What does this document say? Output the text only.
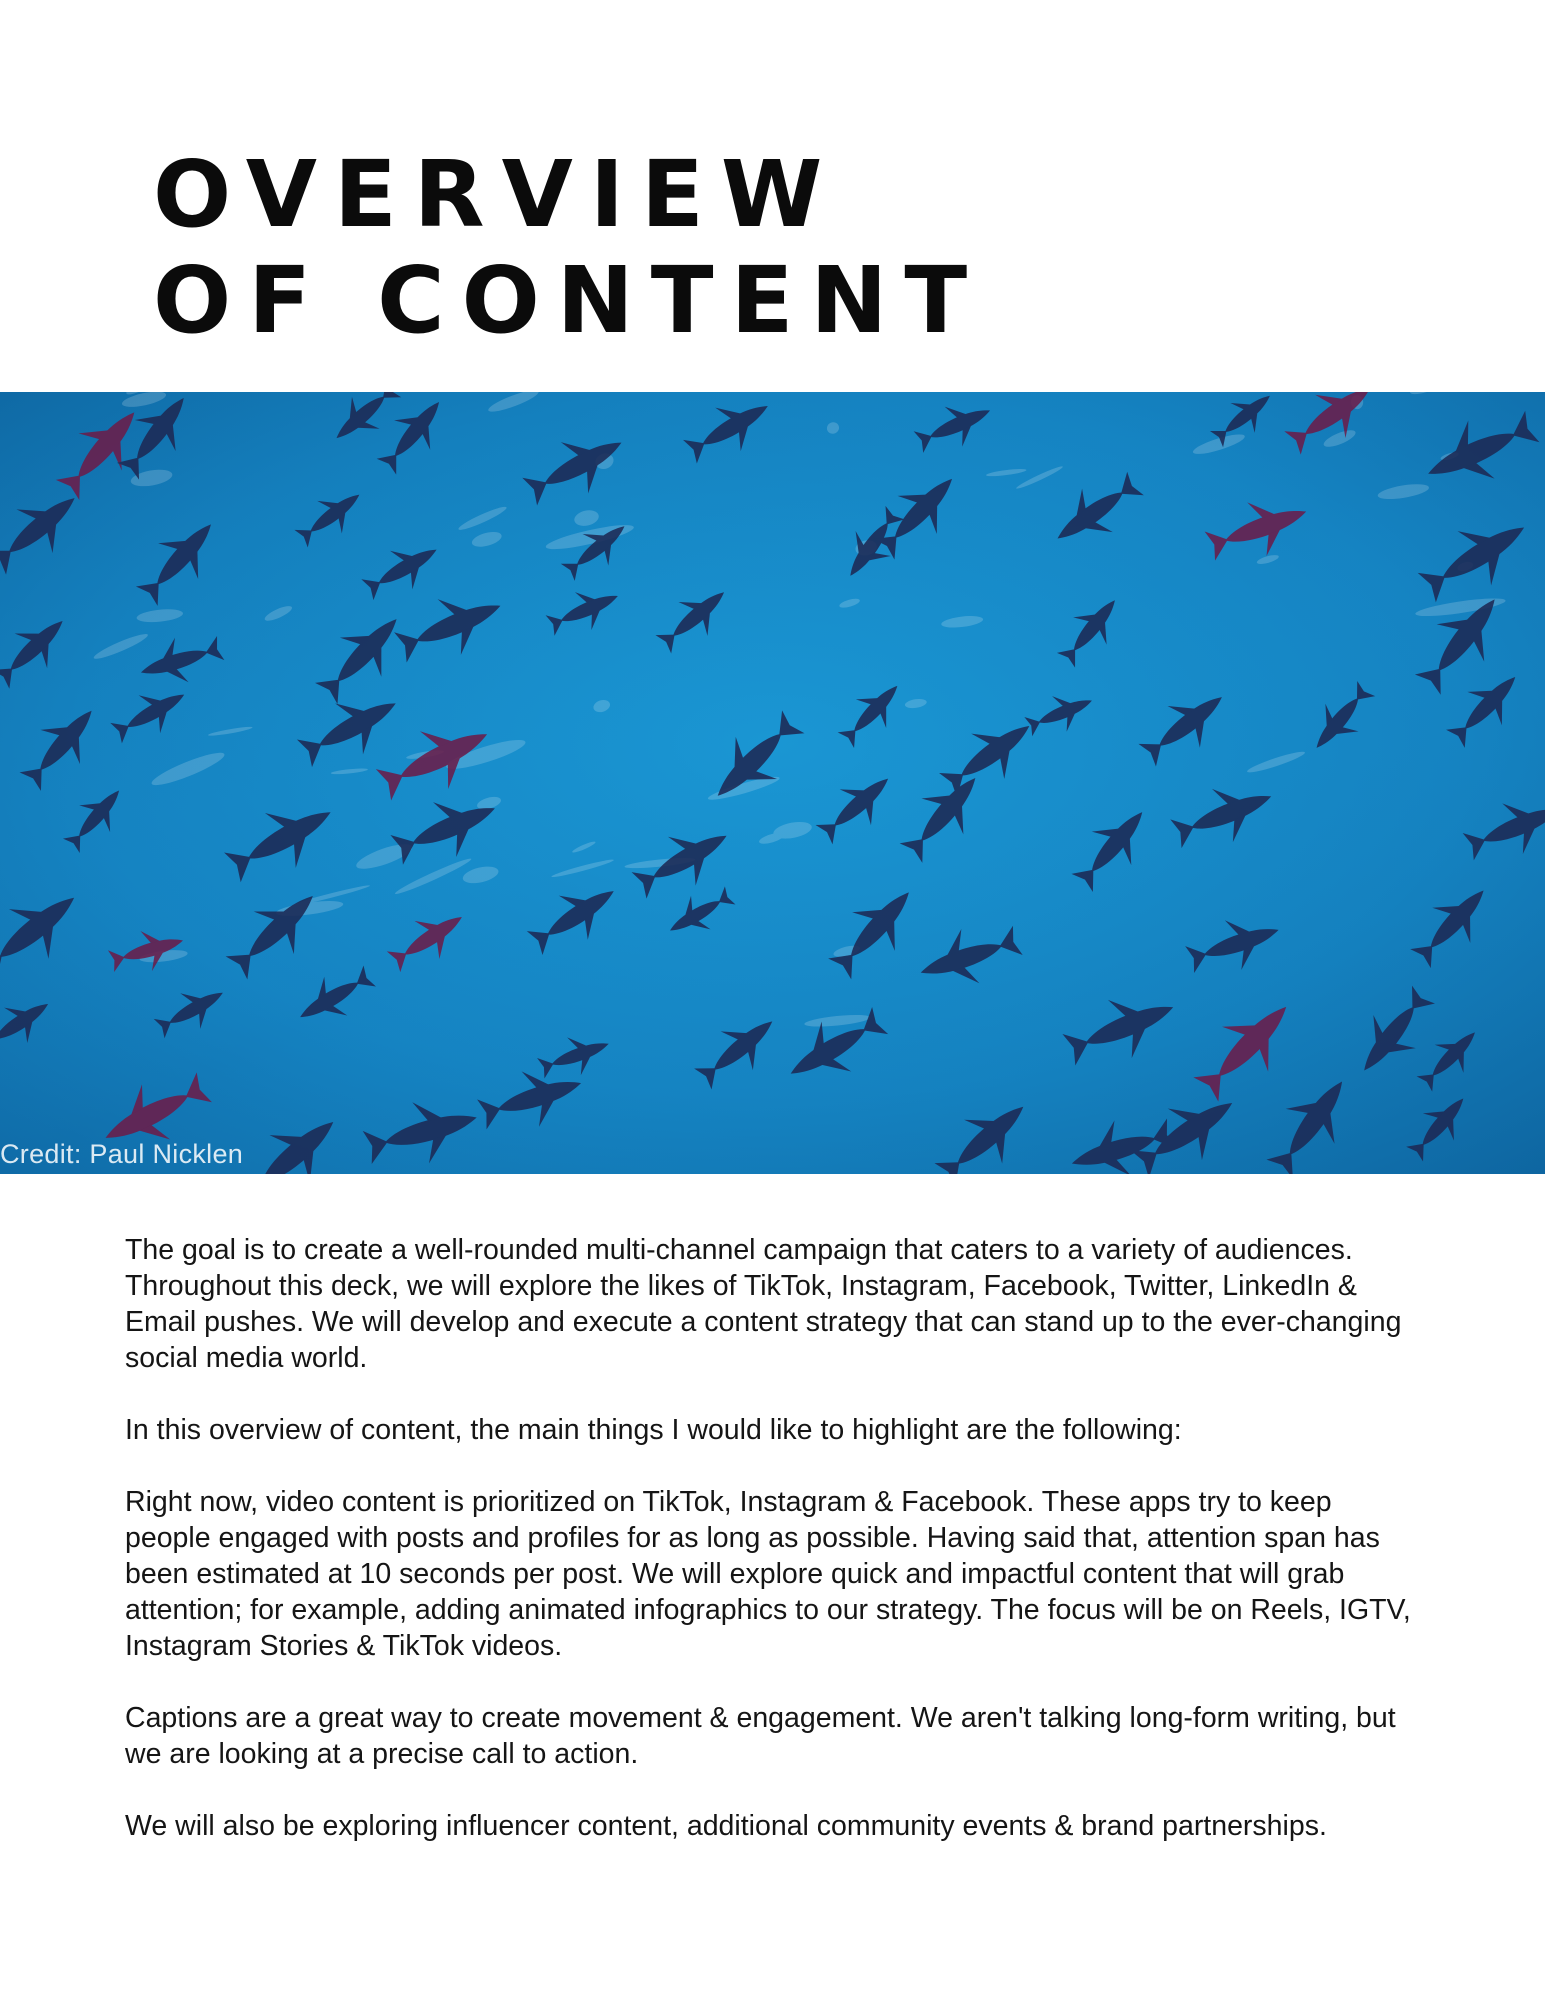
OVERVIEW
OF CONTENT

Credit: Paul Nicklen

The goal is to create a well-rounded multi-channel campaign that caters to a variety of audiences. Throughout this deck, we will explore the likes of TikTok, Instagram, Facebook, Twitter, LinkedIn & Email pushes. We will develop and execute a content strategy that can stand up to the ever-changing social media world.

In this overview of content, the main things I would like to highlight are the following:

Right now, video content is prioritized on TikTok, Instagram & Facebook. These apps try to keep people engaged with posts and profiles for as long as possible. Having said that, attention span has been estimated at 10 seconds per post. We will explore quick and impactful content that will grab attention; for example, adding animated infographics to our strategy. The focus will be on Reels, IGTV, Instagram Stories & TikTok videos.

Captions are a great way to create movement & engagement. We aren't talking long-form writing, but we are looking at a precise call to action.

We will also be exploring influencer content, additional community events & brand partnerships.
